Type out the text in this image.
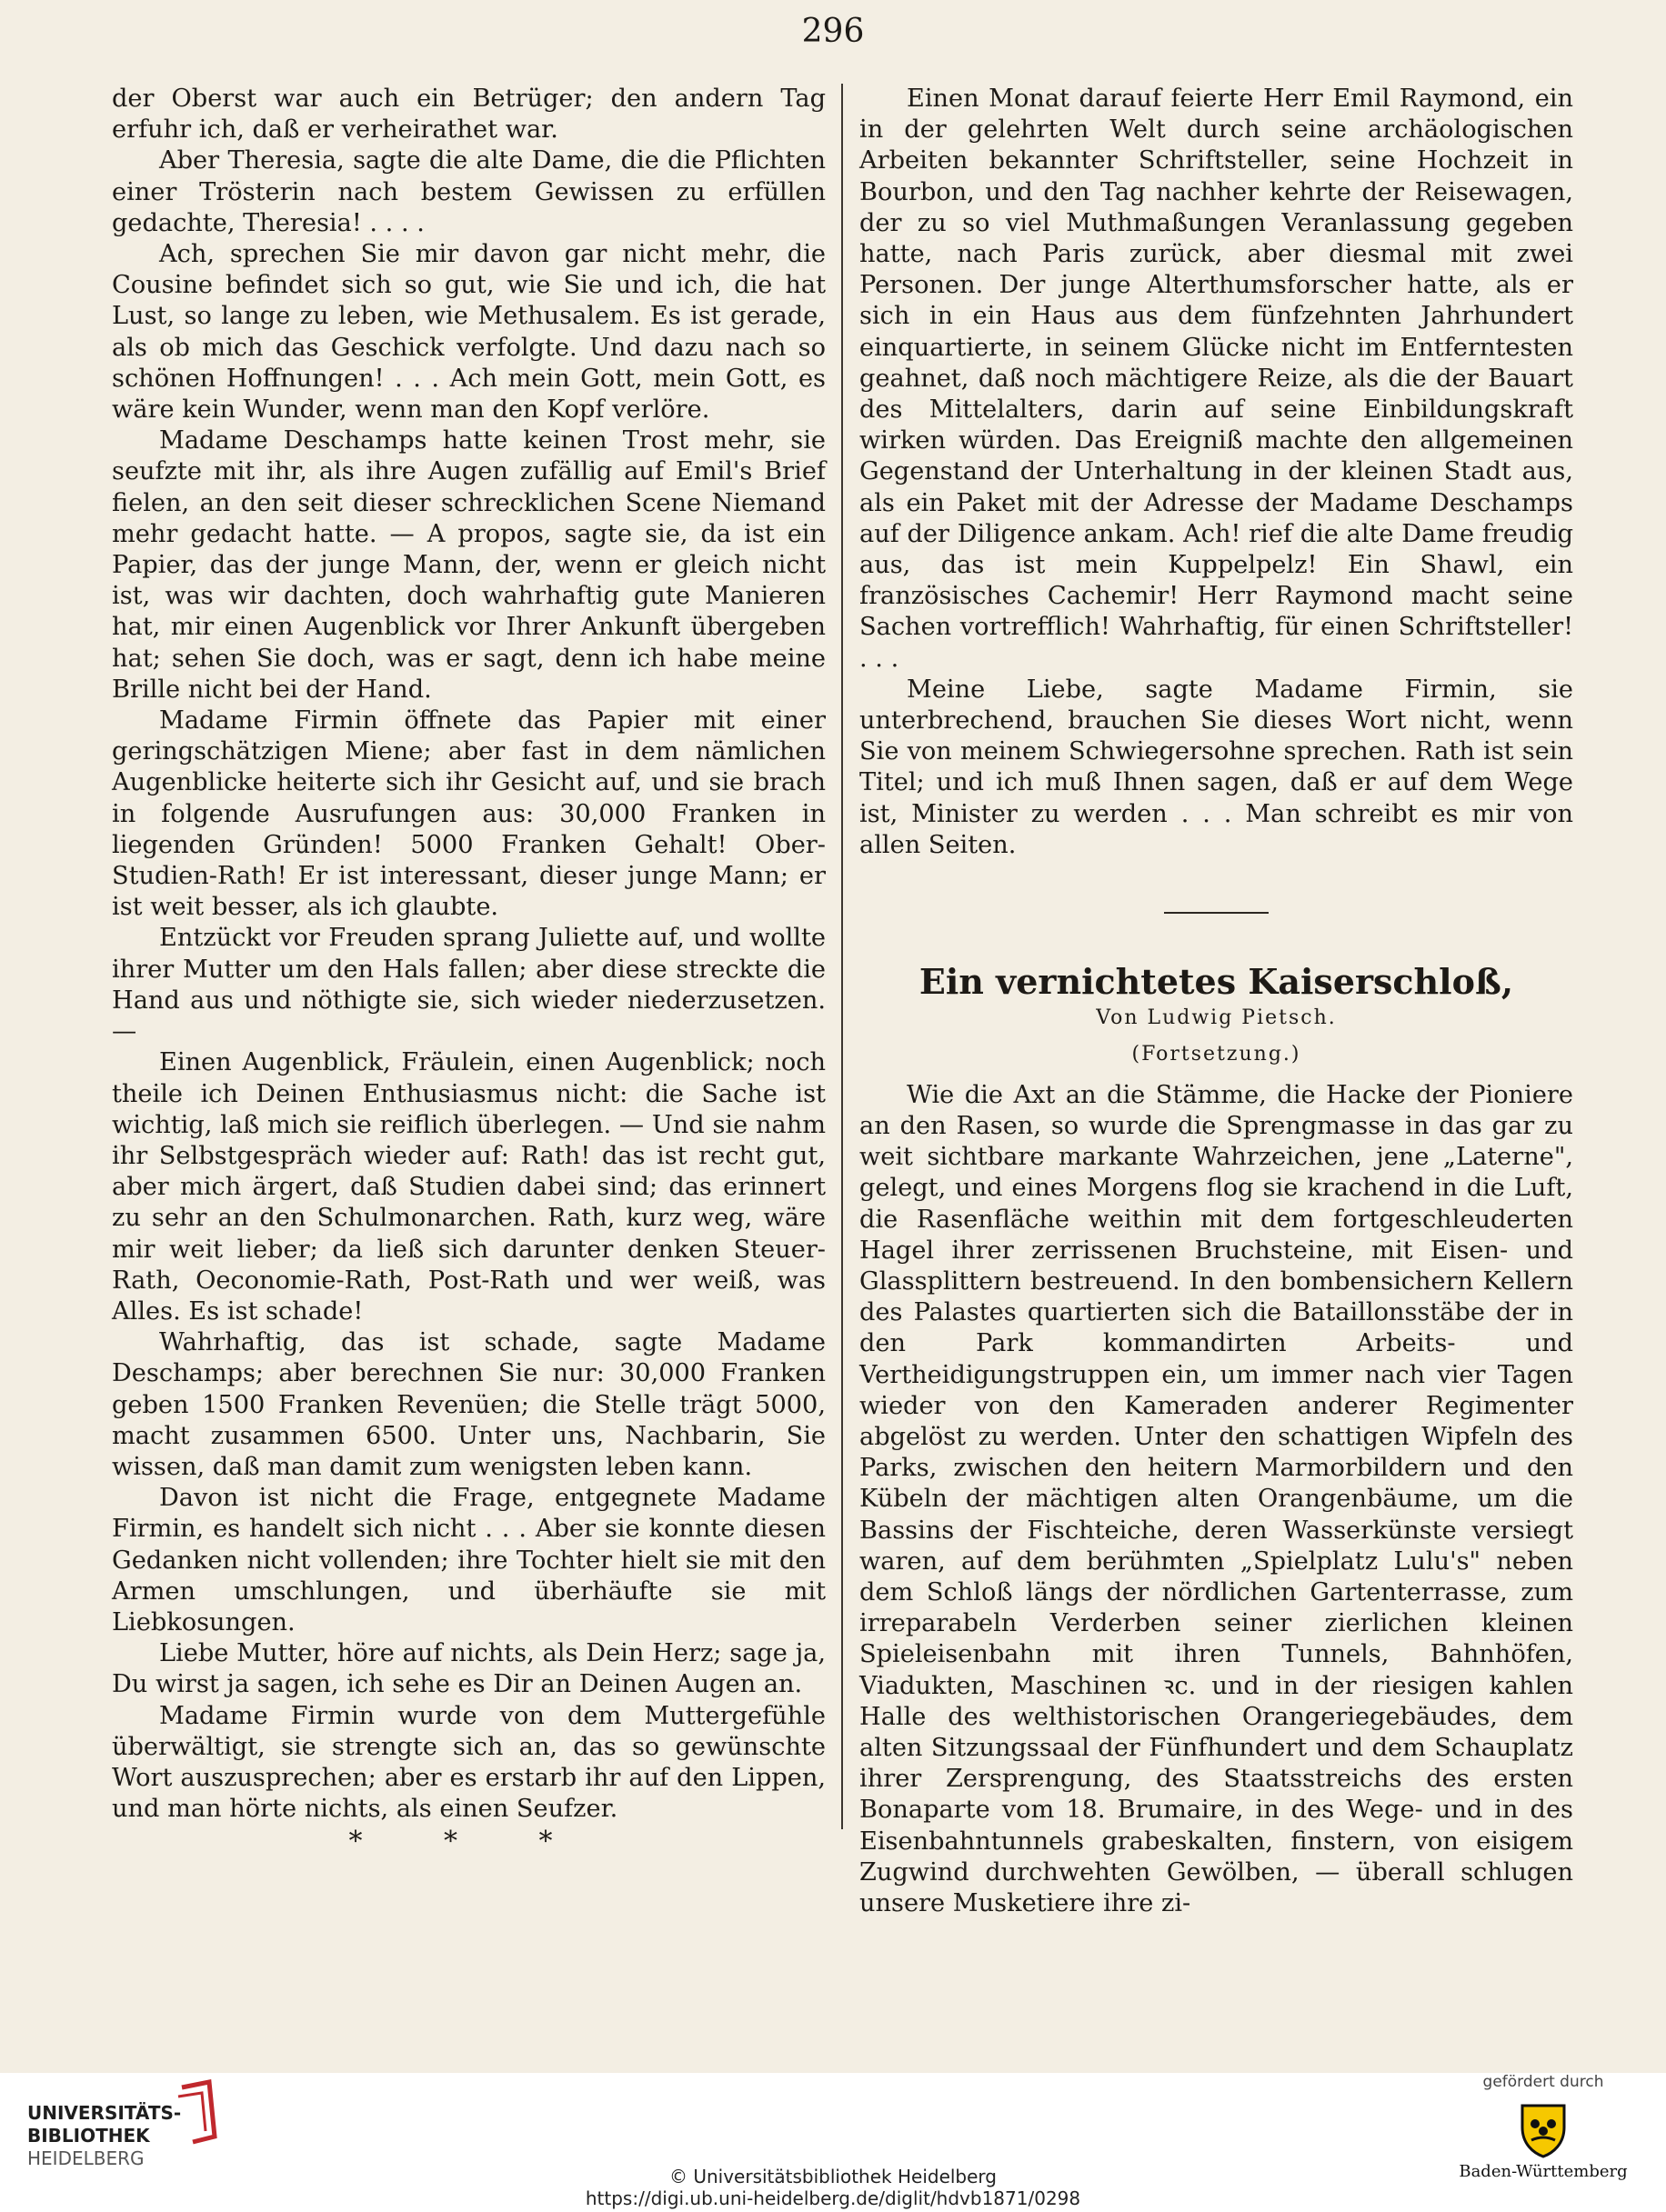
296

der Oberst war auch ein Betrüger; den andern Tag erfuhr ich, daß er verheirathet war.

Aber Theresia, sagte die alte Dame, die die Pflichten einer Trösterin nach bestem Gewissen zu erfüllen gedachte, Theresia! . . . .

Ach, sprechen Sie mir davon gar nicht mehr, die Cousine befindet sich so gut, wie Sie und ich, die hat Lust, so lange zu leben, wie Methusalem. Es ist gerade, als ob mich das Geschick verfolgte. Und dazu nach so schönen Hoffnungen! . . . Ach mein Gott, mein Gott, es wäre kein Wunder, wenn man den Kopf verlöre.

Madame Deschamps hatte keinen Trost mehr, sie seufzte mit ihr, als ihre Augen zufällig auf Emil's Brief fielen, an den seit dieser schrecklichen Scene Niemand mehr gedacht hatte. — A propos, sagte sie, da ist ein Papier, das der junge Mann, der, wenn er gleich nicht ist, was wir dachten, doch wahrhaftig gute Manieren hat, mir einen Augenblick vor Ihrer Ankunft übergeben hat; sehen Sie doch, was er sagt, denn ich habe meine Brille nicht bei der Hand.

Madame Firmin öffnete das Papier mit einer geringschätzigen Miene; aber fast in dem nämlichen Augenblicke heiterte sich ihr Gesicht auf, und sie brach in folgende Ausrufungen aus: 30,000 Franken in liegenden Gründen! 5000 Franken Gehalt! Ober-Studien-Rath! Er ist interessant, dieser junge Mann; er ist weit besser, als ich glaubte.

Entzückt vor Freuden sprang Juliette auf, und wollte ihrer Mutter um den Hals fallen; aber diese streckte die Hand aus und nöthigte sie, sich wieder niederzusetzen. —

Einen Augenblick, Fräulein, einen Augenblick; noch theile ich Deinen Enthusiasmus nicht: die Sache ist wichtig, laß mich sie reiflich überlegen. — Und sie nahm ihr Selbstgespräch wieder auf: Rath! das ist recht gut, aber mich ärgert, daß Studien dabei sind; das erinnert zu sehr an den Schulmonarchen. Rath, kurz weg, wäre mir weit lieber; da ließ sich darunter denken Steuer-Rath, Oeconomie-Rath, Post-Rath und wer weiß, was Alles. Es ist schade!

Wahrhaftig, das ist schade, sagte Madame Deschamps; aber berechnen Sie nur: 30,000 Franken geben 1500 Franken Revenüen; die Stelle trägt 5000, macht zusammen 6500. Unter uns, Nachbarin, Sie wissen, daß man damit zum wenigsten leben kann.

Davon ist nicht die Frage, entgegnete Madame Firmin, es handelt sich nicht . . . Aber sie konnte diesen Gedanken nicht vollenden; ihre Tochter hielt sie mit den Armen umschlungen, und überhäufte sie mit Liebkosungen.

Liebe Mutter, höre auf nichts, als Dein Herz; sage ja, Du wirst ja sagen, ich sehe es Dir an Deinen Augen an.

Madame Firmin wurde von dem Muttergefühle überwältigt, sie strengte sich an, das so gewünschte Wort auszusprechen; aber es erstarb ihr auf den Lippen, und man hörte nichts, als einen Seufzer.

* * *

Einen Monat darauf feierte Herr Emil Raymond, ein in der gelehrten Welt durch seine archäologischen Arbeiten bekannter Schriftsteller, seine Hochzeit in Bourbon, und den Tag nachher kehrte der Reisewagen, der zu so viel Muthmaßungen Veranlassung gegeben hatte, nach Paris zurück, aber diesmal mit zwei Personen. Der junge Alterthumsforscher hatte, als er sich in ein Haus aus dem fünfzehnten Jahrhundert einquartierte, in seinem Glücke nicht im Entferntesten geahnet, daß noch mächtigere Reize, als die der Bauart des Mittelalters, darin auf seine Einbildungskraft wirken würden. Das Ereigniß machte den allgemeinen Gegenstand der Unterhaltung in der kleinen Stadt aus, als ein Paket mit der Adresse der Madame Deschamps auf der Diligence ankam. Ach! rief die alte Dame freudig aus, das ist mein Kuppelpelz! Ein Shawl, ein französisches Cachemir! Herr Raymond macht seine Sachen vortrefflich! Wahrhaftig, für einen Schriftsteller! . . .

Meine Liebe, sagte Madame Firmin, sie unterbrechend, brauchen Sie dieses Wort nicht, wenn Sie von meinem Schwiegersohne sprechen. Rath ist sein Titel; und ich muß Ihnen sagen, daß er auf dem Wege ist, Minister zu werden . . . Man schreibt es mir von allen Seiten.

Ein vernichtetes Kaiserschloß,
Von Ludwig Pietsch.
(Fortsetzung.)

Wie die Axt an die Stämme, die Hacke der Pioniere an den Rasen, so wurde die Sprengmasse in das gar zu weit sichtbare markante Wahrzeichen, jene „Laterne", gelegt, und eines Morgens flog sie krachend in die Luft, die Rasenfläche weithin mit dem fortgeschleuderten Hagel ihrer zerrissenen Bruchsteine, mit Eisen- und Glassplittern bestreuend. In den bombensichern Kellern des Palastes quartierten sich die Bataillonsstäbe der in den Park kommandirten Arbeits- und Vertheidigungstruppen ein, um immer nach vier Tagen wieder von den Kameraden anderer Regimenter abgelöst zu werden. Unter den schattigen Wipfeln des Parks, zwischen den heitern Marmorbildern und den Kübeln der mächtigen alten Orangenbäume, um die Bassins der Fischteiche, deren Wasserkünste versiegt waren, auf dem berühmten „Spielplatz Lulu's" neben dem Schloß längs der nördlichen Gartenterrasse, zum irreparabeln Verderben seiner zierlichen kleinen Spieleisenbahn mit ihren Tunnels, Bahnhöfen, Viadukten, Maschinen ꝛc. und in der riesigen kahlen Halle des welthistorischen Orangeriegebäudes, dem alten Sitzungssaal der Fünfhundert und dem Schauplatz ihrer Zersprengung, des Staatsstreichs des ersten Bonaparte vom 18. Brumaire, in des Wege- und in des Eisenbahntunnels grabeskalten, finstern, von eisigem Zugwind durchwehten Gewölben, — überall schlugen unsere Musketiere ihre zi-

UNIVERSITÄTS-
BIBLIOTHEK
HEIDELBERG
© Universitätsbibliothek Heidelberg
https://digi.ub.uni-heidelberg.de/diglit/hdvb1871/0298
gefördert durch
Baden-Württemberg
